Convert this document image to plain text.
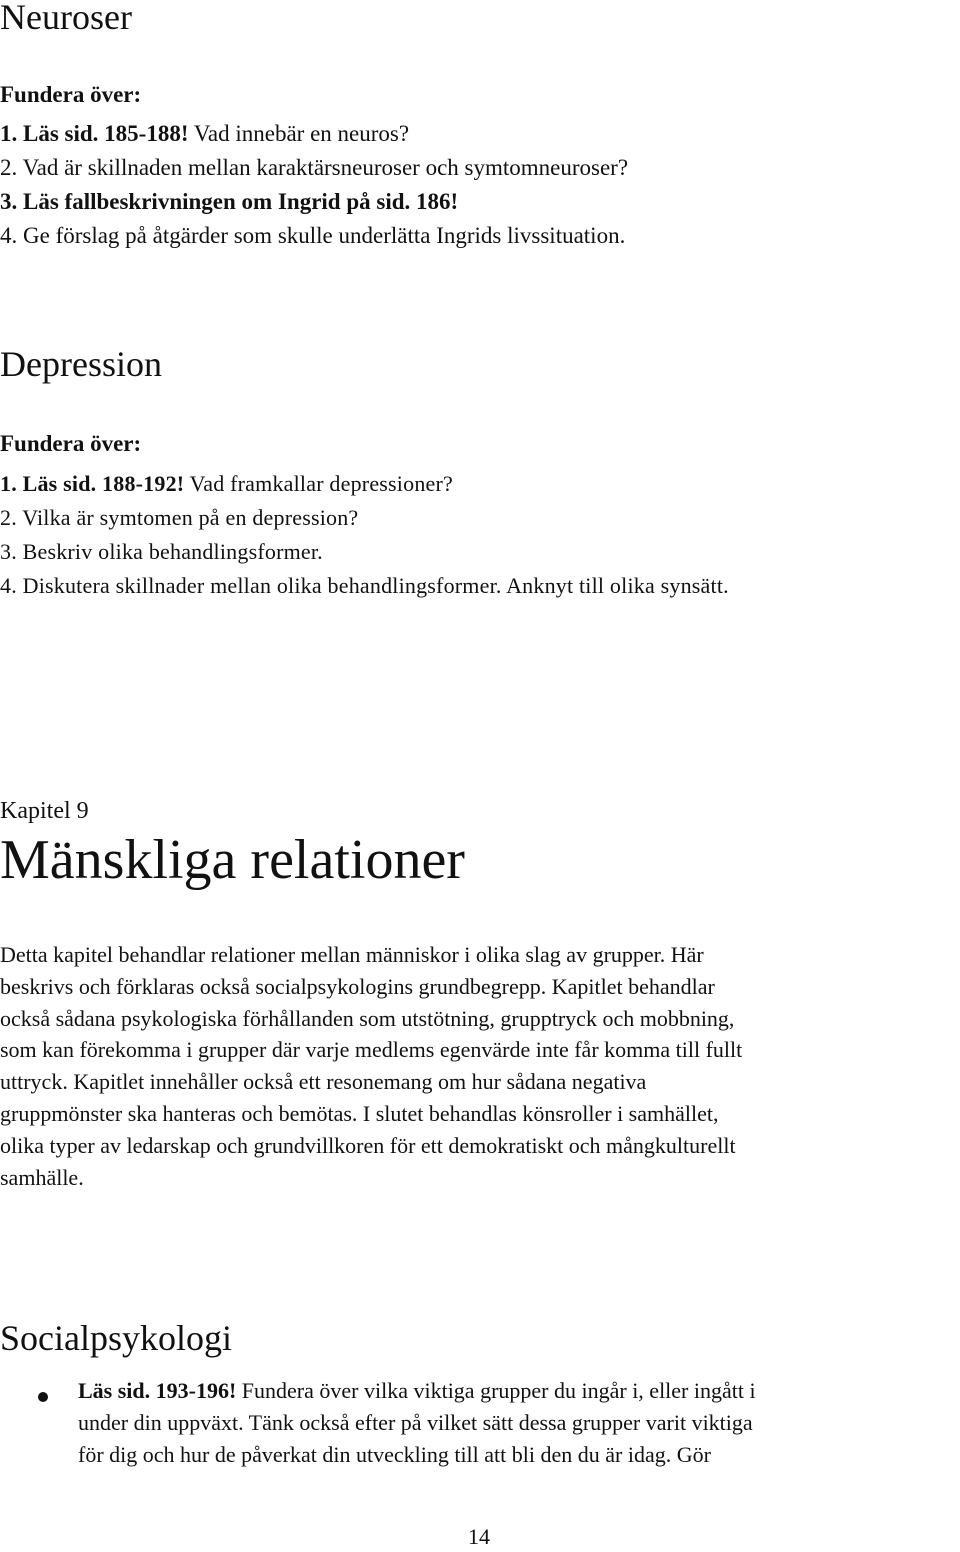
Neuroser
Fundera över:
1. Läs sid. 185-188! Vad innebär en neuros?
2. Vad är skillnaden mellan karaktärsneuroser och symtomneuroser?
3. Läs fallbeskrivningen om Ingrid på sid. 186!
4. Ge förslag på åtgärder som skulle underlätta Ingrids livssituation.
Depression
Fundera över:
1. Läs sid. 188-192! Vad framkallar depressioner?
2. Vilka är symtomen på en depression?
3. Beskriv olika behandlingsformer.
4. Diskutera skillnader mellan olika behandlingsformer. Anknyt till olika synsätt.
Kapitel 9
Mänskliga relationer
Detta kapitel behandlar relationer mellan människor i olika slag av grupper. Här
beskrivs och förklaras också socialpsykologins grundbegrepp. Kapitlet behandlar
också sådana psykologiska förhållanden som utstötning, grupptryck och mobbning,
som kan förekomma i grupper där varje medlems egenvärde inte får komma till fullt
uttryck. Kapitlet innehåller också ett resonemang om hur sådana negativa
gruppmönster ska hanteras och bemötas. I slutet behandlas könsroller i samhället,
olika typer av ledarskap och grundvillkoren för ett demokratiskt och mångkulturellt
samhälle.
Socialpsykologi
Läs sid. 193-196! Fundera över vilka viktiga grupper du ingår i, eller ingått i
under din uppväxt. Tänk också efter på vilket sätt dessa grupper varit viktiga
för dig och hur de påverkat din utveckling till att bli den du är idag. Gör
14
